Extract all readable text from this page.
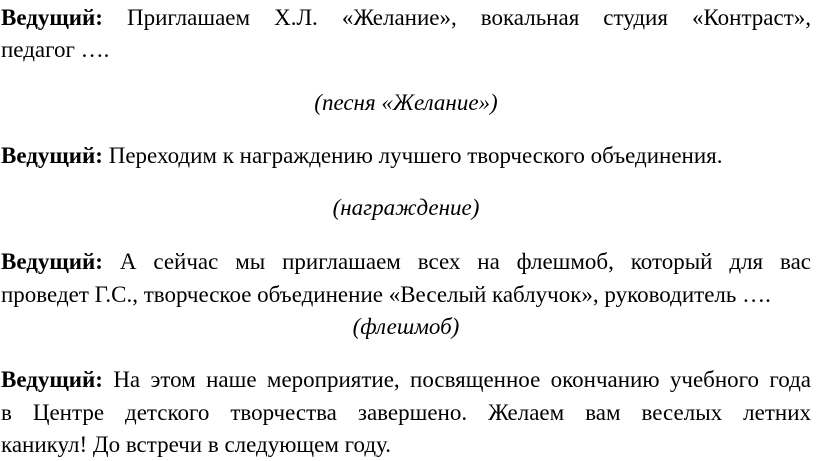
Ведущий: Приглашаем Х.Л. «Желание», вокальная студия «Контраст»,
педагог ….
(песня «Желание»)
Ведущий: Переходим к награждению лучшего творческого объединения.
(награждение)
Ведущий: А сейчас мы приглашаем всех на флешмоб, который для вас
проведет Г.С., творческое объединение «Веселый каблучок», руководитель ….
(флешмоб)
Ведущий: На этом наше мероприятие, посвященное окончанию учебного года
в Центре детского творчества завершено. Желаем вам веселых летних
каникул! До встречи в следующем году.
